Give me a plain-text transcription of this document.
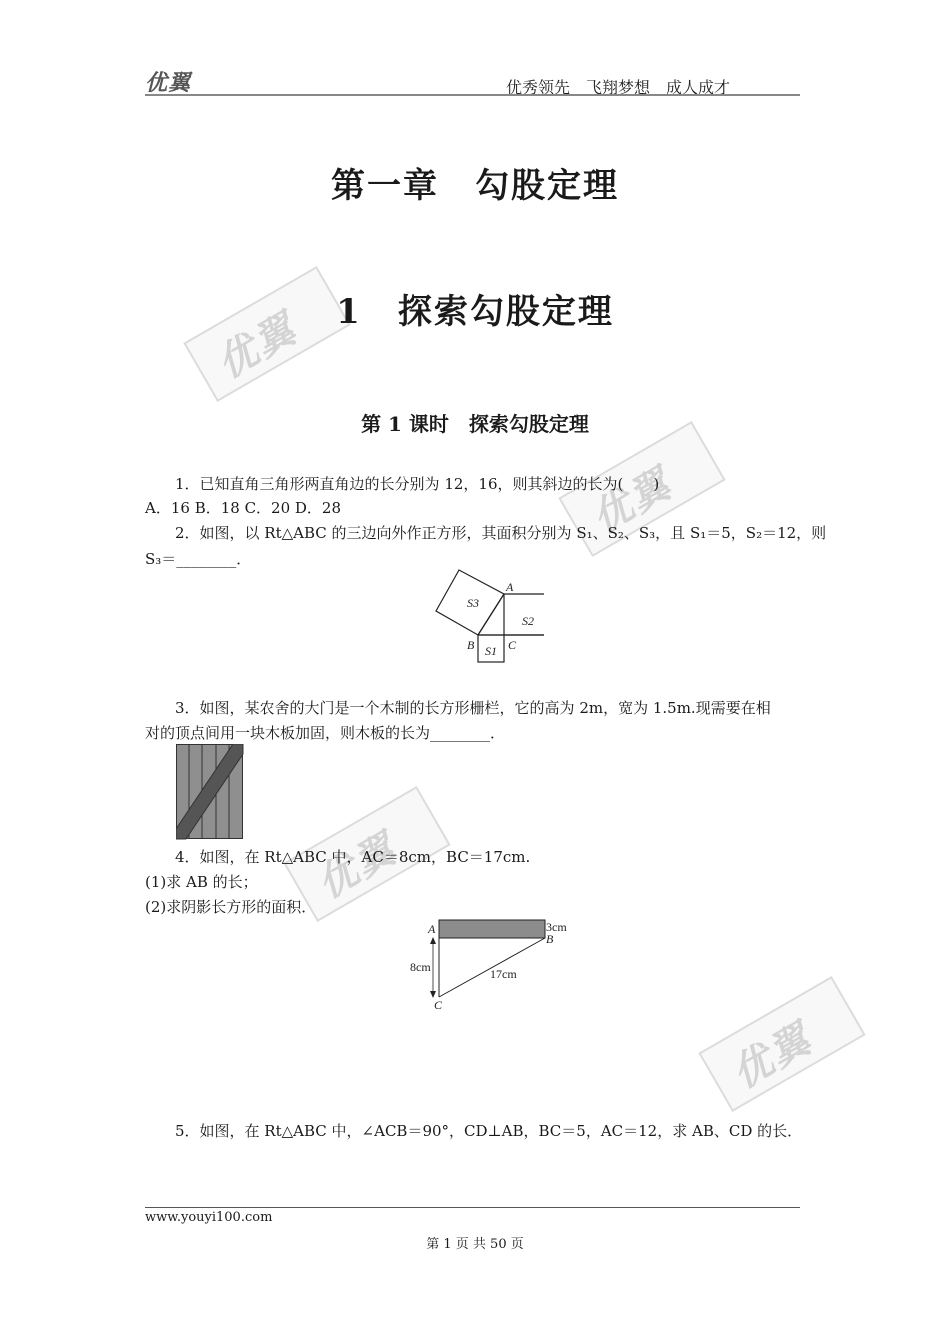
优翼
优翼
优翼
优翼
优翼	优秀领先　飞翔梦想　成人成才
第一章　勾股定理
1　探索勾股定理
第 1 课时　探索勾股定理
1．已知直角三角形两直角边的长分别为 12，16，则其斜边的长为(　　)
A．16 B．18 C．20 D．28
2．如图，以 Rt△ABC 的三边向外作正方形，其面积分别为 S₁、S₂、S₃，且 S₁＝5，S₂＝12，则
S₃＝________．
S3
A
S2
B	C
S1
3．如图，某农舍的大门是一个木制的长方形栅栏，它的高为 2m，宽为 1.5m.现需要在相
对的顶点间用一块木板加固，则木板的长为________．
4．如图，在 Rt△ABC 中，AC＝8cm，BC＝17cm.
(1)求 AB 的长；
(2)求阴影长方形的面积．
A	3cm
B
8cm	17cm
C
5．如图，在 Rt△ABC 中，∠ACB＝90°，CD⊥AB，BC＝5，AC＝12，求 AB、CD 的长．
www.youyi100.com
第 1 页 共 50 页
